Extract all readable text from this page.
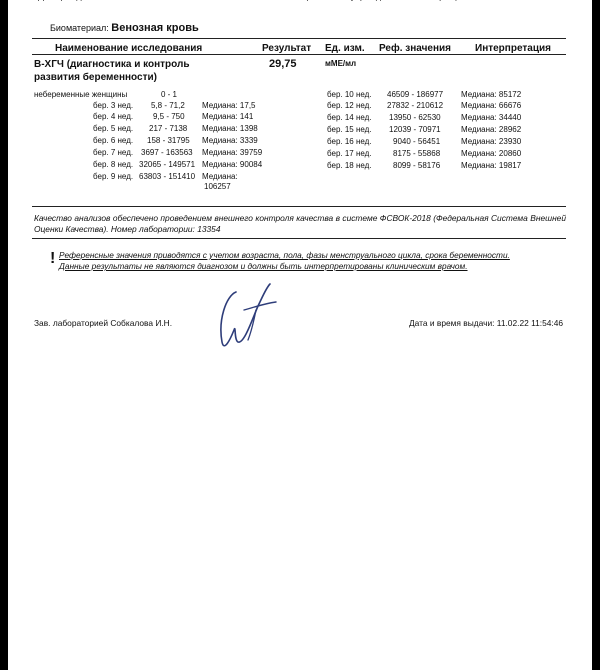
Биоматериал: Венозная кровь
Наименование исследования	Результат Ед. изм. Реф. значения Интерпретация
B-ХГЧ (диагностика и контроль развития беременности)
29,75	мМЕ/мл
небеременные женщины	0 - 1
бер. 3 нед. 5,8 - 71,2 Медиана: 17,5
бер. 4 нед. 9,5 - 750 Медиана: 141
бер. 5 нед. 217 - 7138 Медиана: 1398
бер. 6 нед. 158 - 31795 Медиана: 3339
бер. 7 нед. 3697 - 163563 Медиана: 39759
бер. 8 нед. 32065 - 149571 Медиана: 90084
бер. 9 нед. 63803 - 151410 Медиана:
106257
бер. 10 нед. 46509 - 186977 Медиана: 85172
бер. 12 нед. 27832 - 210612 Медиана: 66676
бер. 14 нед. 13950 - 62530	Медиана: 34440
бер. 15 нед. 12039 - 70971	Медиана: 28962
бер. 16 нед.	9040 - 56451	Медиана: 23930
бер. 17 нед.	8175 - 55868	Медиана: 20860
бер. 18 нед.	8099 - 58176	Медиана: 19817
Качество анализов обеспечено проведением внешнего контроля качества в системе ФСВОК-2018 (Федеральная Система Внешней Оценки Качества). Номер лаборатории: 13354
! Референсные значения приводятся с учетом возраста, пола, фазы менструального цикла, срока беременности.
Данные результаты не являются диагнозом и должны быть интерпретированы клиническим врачом.
Зав. лабораторией Собкалова И.Н.	Дата и время выдачи: 11.02.22 11:54:46
